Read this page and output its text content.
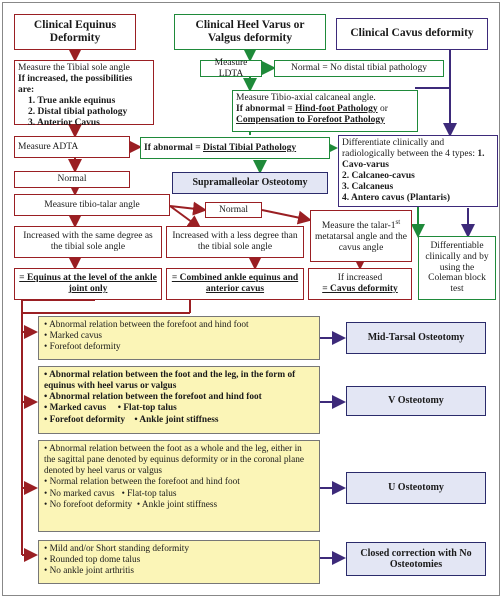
Clinical Equinus Deformity
Clinical Heel Varus or Valgus deformity	Clinical Cavus deformity
Measure the Tibial sole angle
If increased, the possibilities are:
1. True ankle equinus
2. Distal tibial pathology
3. Anterior Cavus
Measure LDTA
Normal = No distal tibial pathology
Measure Tibio-axial calcaneal angle.
If abnormal = Hind-foot Pathology or
Compensation to Forefoot Pathology
Measure ADTA	If abnormal =
Distal Tibial Pathology	Differentiate clinically and radiologically between the 4 types: 1. Cavo-varus
2. Calcaneo-cavus
3. Calcaneus
4. Antero cavus (Plantaris)
Normal	Supramalleolar Osteotomy
Measure tibio-talar angle
Normal
Measure the talar-1st metatarsal angle and the cavus angle	Differentiable clinically and by using the Coleman block test
Increased with the same degree as the tibial sole angle
Increased with a less degree than the tibial sole angle
= Equinus at the level of the ankle joint only
= Combined ankle equinus and anterior cavus
If increased
= Cavus deformity
• Abnormal relation between the forefoot and hind foot
• Marked cavus
• Forefoot deformity
Mid-Tarsal Osteotomy
• Abnormal relation between the foot and the leg, in the form of equinus with heel varus or valgus
• Abnormal relation between the forefoot and hind foot
• Marked cavus     • Flat-top talus
• Forefoot deformity    • Ankle joint stiffness
V Osteotomy
• Abnormal relation between the foot as a whole and the leg, either in the sagittal pane denoted by equinus deformity or in the coronal plane denoted by heel varus or valgus
• Normal relation between the forefoot and hind foot
• No marked cavus   • Flat-top talus
• No forefoot deformity  • Ankle joint stiffness
U Osteotomy
• Mild and/or Short standing deformity
• Rounded top dome talus
• No ankle joint arthritis
Closed correction with No Osteotomies
